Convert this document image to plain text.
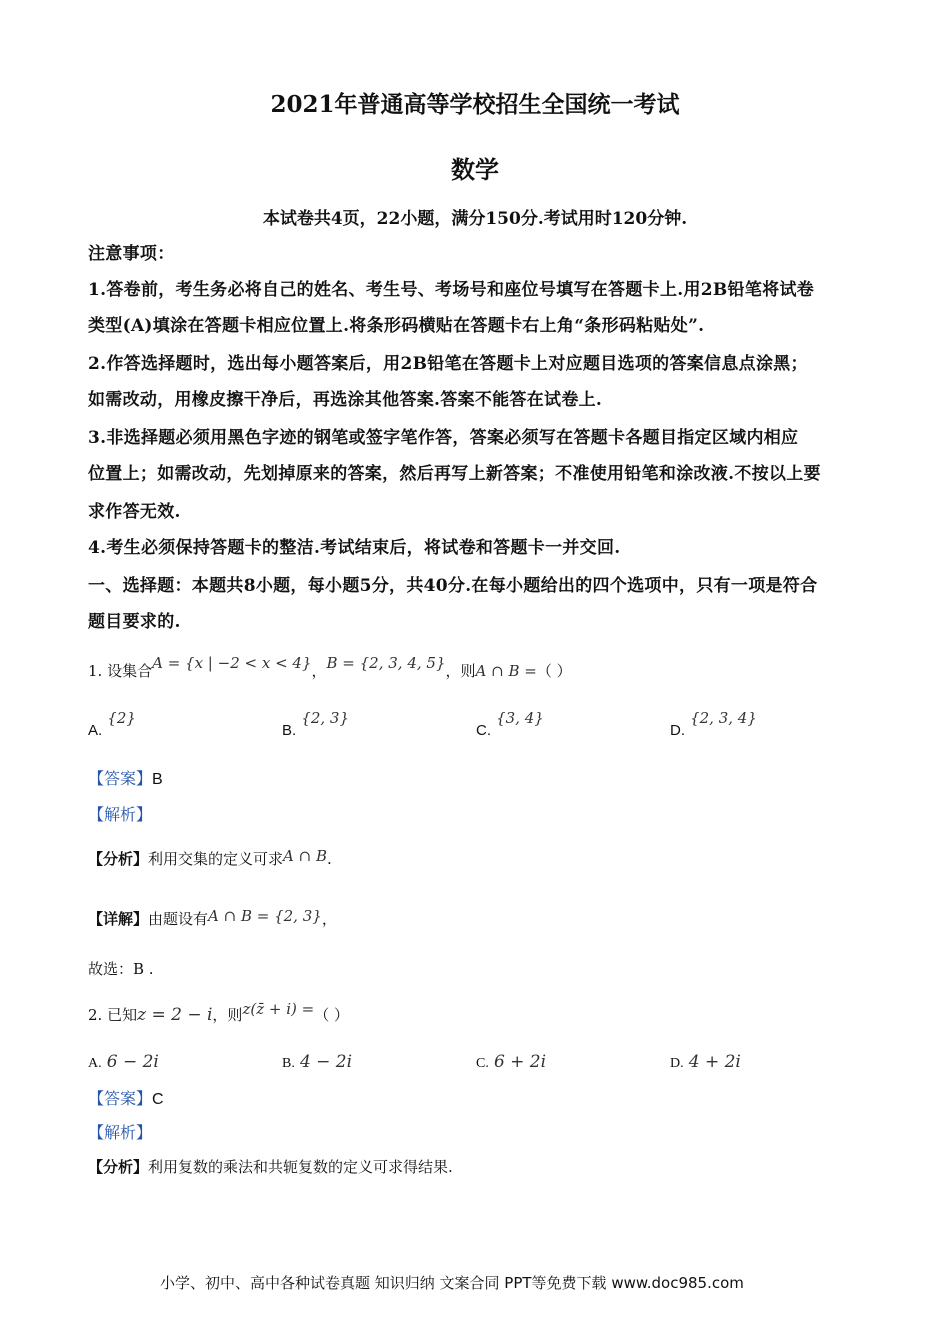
2021年普通高等学校招生全国统一考试
数学
本试卷共4页，22小题，满分150分.考试用时120分钟.
注意事项：
1.答卷前，考生务必将自己的姓名、考生号、考场号和座位号填写在答题卡上.用2B铅笔将试卷
类型(A)填涂在答题卡相应位置上.将条形码横贴在答题卡右上角“条形码粘贴处”.
2.作答选择题时，选出每小题答案后，用2B铅笔在答题卡上对应题目选项的答案信息点涂黑；
如需改动，用橡皮擦干净后，再选涂其他答案.答案不能答在试卷上.
3.非选择题必须用黑色字迹的钢笔或签字笔作答，答案必须写在答题卡各题目指定区域内相应
位置上；如需改动，先划掉原来的答案，然后再写上新答案；不准使用铅笔和涂改液.不按以上要
求作答无效.
4.考生必须保持答题卡的整洁.考试结束后，将试卷和答题卡一并交回.
一、选择题：本题共8小题，每小题5分，共40分.在每小题给出的四个选项中，只有一项是符合
题目要求的.
1. 设集合A = {x | −2 < x < 4}，B = {2, 3, 4, 5}，则A ∩ B =（ ）
A. {2}
B. {2, 3}
C. {3, 4}
D. {2, 3, 4}
【答案】B
【解析】
【分析】利用交集的定义可求A ∩ B.
【详解】由题设有A ∩ B = {2, 3}，
故选：B .
2. 已知z = 2 − i，则z(z̄ + i) =（ ）
A. 6 − 2i	B. 4 − 2i	C. 6 + 2i	D. 4 + 2i
【答案】C
【解析】
【分析】利用复数的乘法和共轭复数的定义可求得结果.
小学、初中、高中各种试卷真题 知识归纳 文案合同 PPT等免费下载 www.doc985.com
